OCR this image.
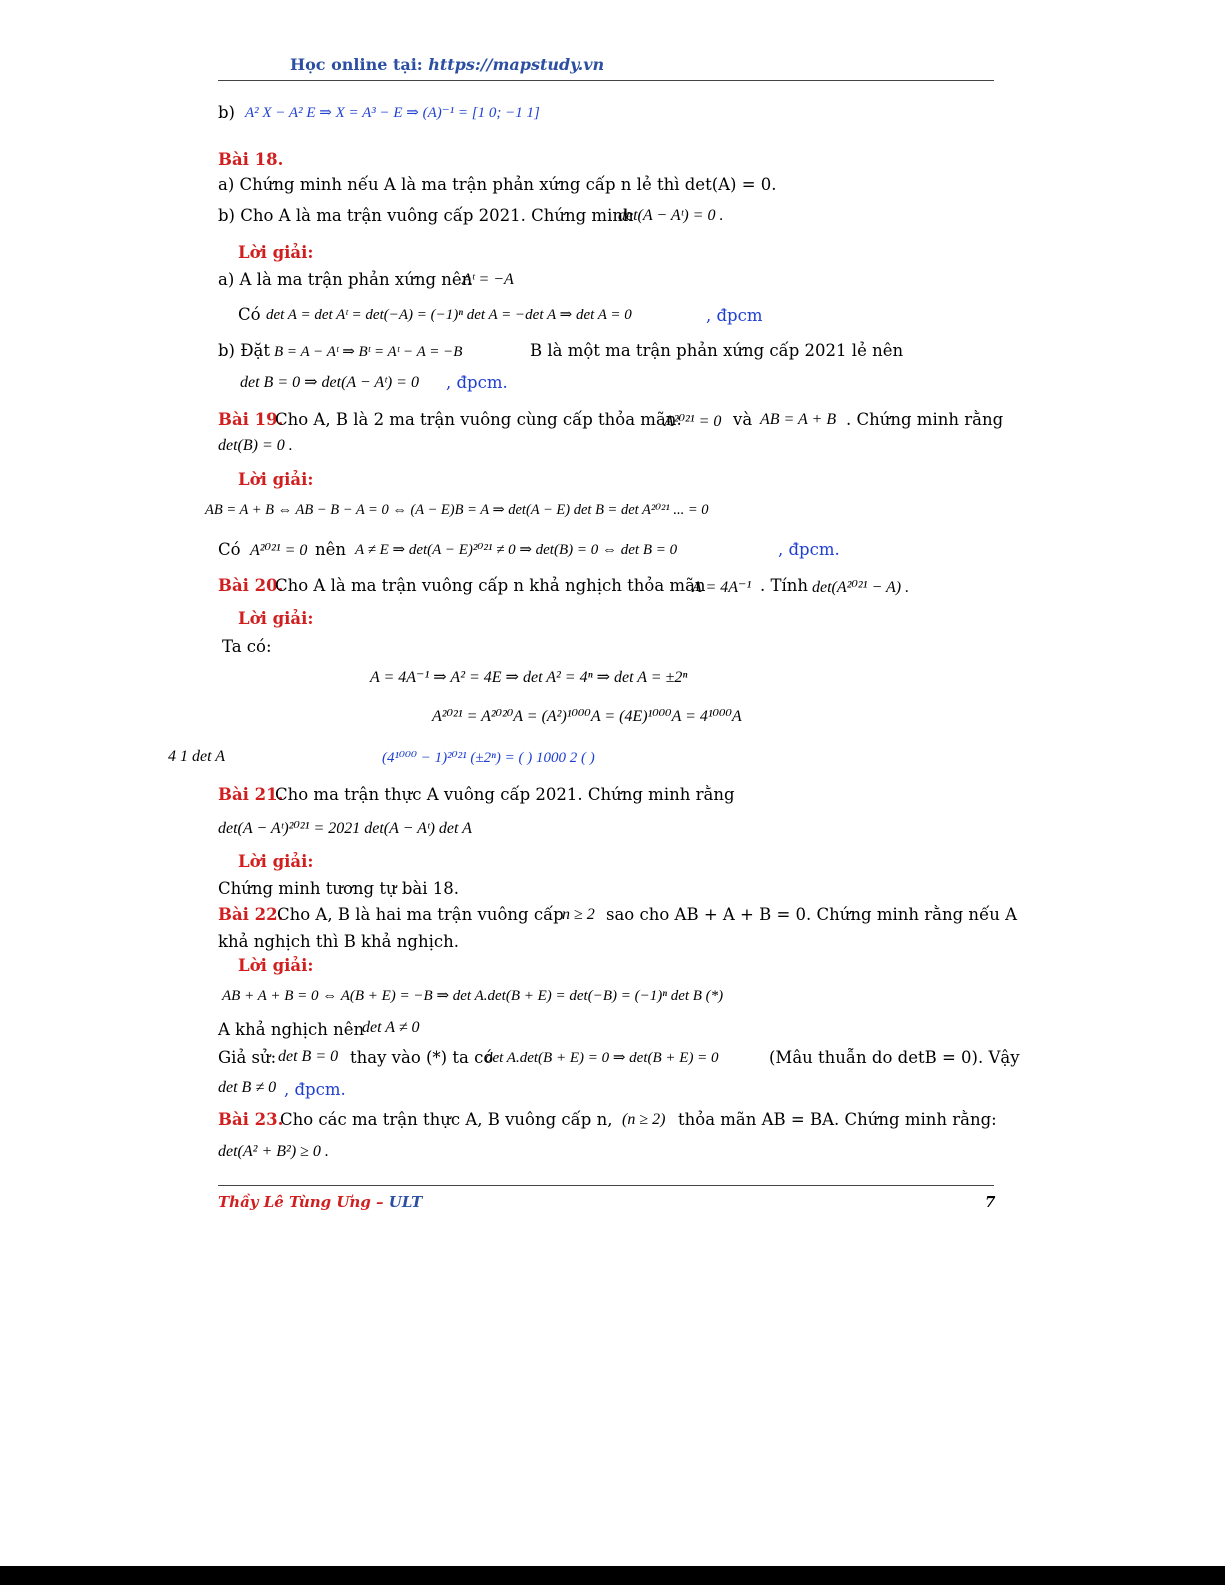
Học online tại: https://mapstudy.vn
b) A² X − A² E ⇒ X = A³ − E ⇒ (A)⁻¹ = [1 0; −1 1]
Bài 18.
a) Chứng minh nếu A là ma trận phản xứng cấp n lẻ thì det(A) = 0.
b) Cho A là ma trận vuông cấp 2021. Chứng minh
det(A − Aᵗ) = 0 .
Lời giải:
a) A là ma trận phản xứng nên
Aᵗ = −A
Có det A = det Aᵗ = det(−A) = (−1)ⁿ det A = −det A ⇒ det A = 0	, đpcm
b) Đặt B = A − Aᵗ ⇒ Bᵗ = Aᵗ − A = −B	B là một ma trận phản xứng cấp 2021 lẻ nên
det B = 0 ⇒ det(A − Aᵗ) = 0 , đpcm.
Bài 19.
Cho A, B là 2 ma trận vuông cùng cấp thỏa mãn:
A²⁰²¹ = 0 và AB = A + B . Chứng minh rằng
det(B) = 0 .
Lời giải:
AB = A + B ⇔ AB − B − A = 0 ⇔ (A − E)B = A ⇒ det(A − E) det B = det A²⁰²¹ ... = 0
Có A²⁰²¹ = 0 nên A ≠ E ⇒ det(A − E)²⁰²¹ ≠ 0 ⇒ det(B) = 0 ⇔ det B = 0	, đpcm.
Bài 20.
Cho A là ma trận vuông cấp n khả nghịch thỏa mãn
A = 4A⁻¹ . Tính det(A²⁰²¹ − A) .
Lời giải:
Ta có:
A = 4A⁻¹ ⇒ A² = 4E ⇒ det A² = 4ⁿ ⇒ det A = ±2ⁿ
A²⁰²¹ = A²⁰²⁰A = (A²)¹⁰⁰⁰A = (4E)¹⁰⁰⁰A = 4¹⁰⁰⁰A
4 1 det A	(4¹⁰⁰⁰ − 1)²⁰²¹ (±2ⁿ) = ( ) 1000 2 ( )
Bài 21.
Cho ma trận thực A vuông cấp 2021. Chứng minh rằng
det(A − Aᵗ)²⁰²¹ = 2021 det(A − Aᵗ) det A
Lời giải:
Chứng minh tương tự bài 18.
Bài 22.
Cho A, B là hai ma trận vuông cấp
n ≥ 2 sao cho AB + A + B = 0. Chứng minh rằng nếu A
khả nghịch thì B khả nghịch.
Lời giải:
AB + A + B = 0 ⇔ A(B + E) = −B ⇒ det A.det(B + E) = det(−B) = (−1)ⁿ det B (*)
A khả nghịch nên
det A ≠ 0
Giả sử: det B = 0 thay vào (*) ta có
det A.det(B + E) = 0 ⇒ det(B + E) = 0	(Mâu thuẫn do detB = 0). Vậy
det B ≠ 0 , đpcm.
Bài 23.
Cho các ma trận thực A, B vuông cấp n, (n ≥ 2) thỏa mãn AB = BA. Chứng minh rằng:
det(A² + B²) ≥ 0 .
Thầy Lê Tùng Ưng – ULT	7
